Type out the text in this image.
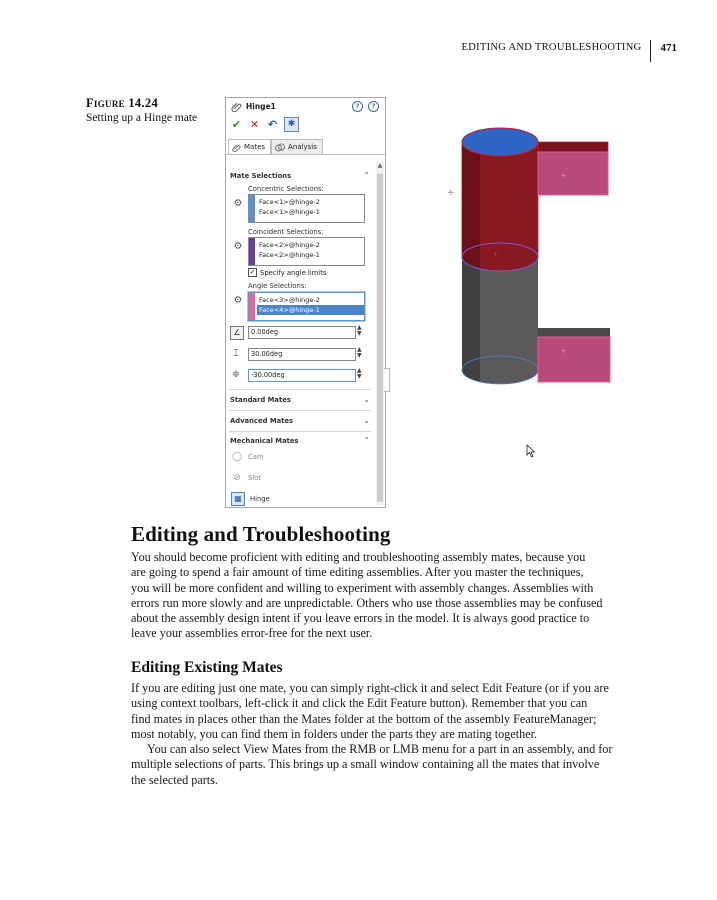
EDITING AND TROUBLESHOOTING 471
Figure 14.24
Setting up a Hinge mate
Hinge1	?	?
✔ ✕ ↶	✱
Mates	Analysis
▲
Mate Selections	⌃
Concentric Selections:
⚙	Face<1>@hinge-2
Face<1>@hinge-1
Coincident Selections:
⚙	Face<2>@hinge-2
Face<2>@hinge-1
✓ Specify angle limits
Angle Selections:
⚙	Face<3>@hinge-2
Face<4>@hinge-1
∠	0.00deg
▲
▼
⌶	30.00deg
▲
▼
≑	-30.00deg
▲
▼
Standard Mates	⌄
Advanced Mates	⌄
Mechanical Mates	⌃
◯ Cam
⊘	Slot
▦	Hinge
+
+
+
+
Editing and Troubleshooting
You should become proficient with editing and troubleshooting assembly mates, because you
are going to spend a fair amount of time editing assemblies. After you master the techniques,
you will be more confident and willing to experiment with assembly changes. Assemblies with
errors run more slowly and are unpredictable. Others who use those assemblies may be confused
about the assembly design intent if you leave errors in the model. It is always good practice to
leave your assemblies error-free for the next user.
Editing Existing Mates
If you are editing just one mate, you can simply right-click it and select Edit Feature (or if you are
using context toolbars, left-click it and click the Edit Feature button). Remember that you can
find mates in places other than the Mates folder at the bottom of the assembly FeatureManager;
most notably, you can find them in folders under the parts they are mating together.
You can also select View Mates from the RMB or LMB menu for a part in an assembly, and for
multiple selections of parts. This brings up a small window containing all the mates that involve
the selected parts.
